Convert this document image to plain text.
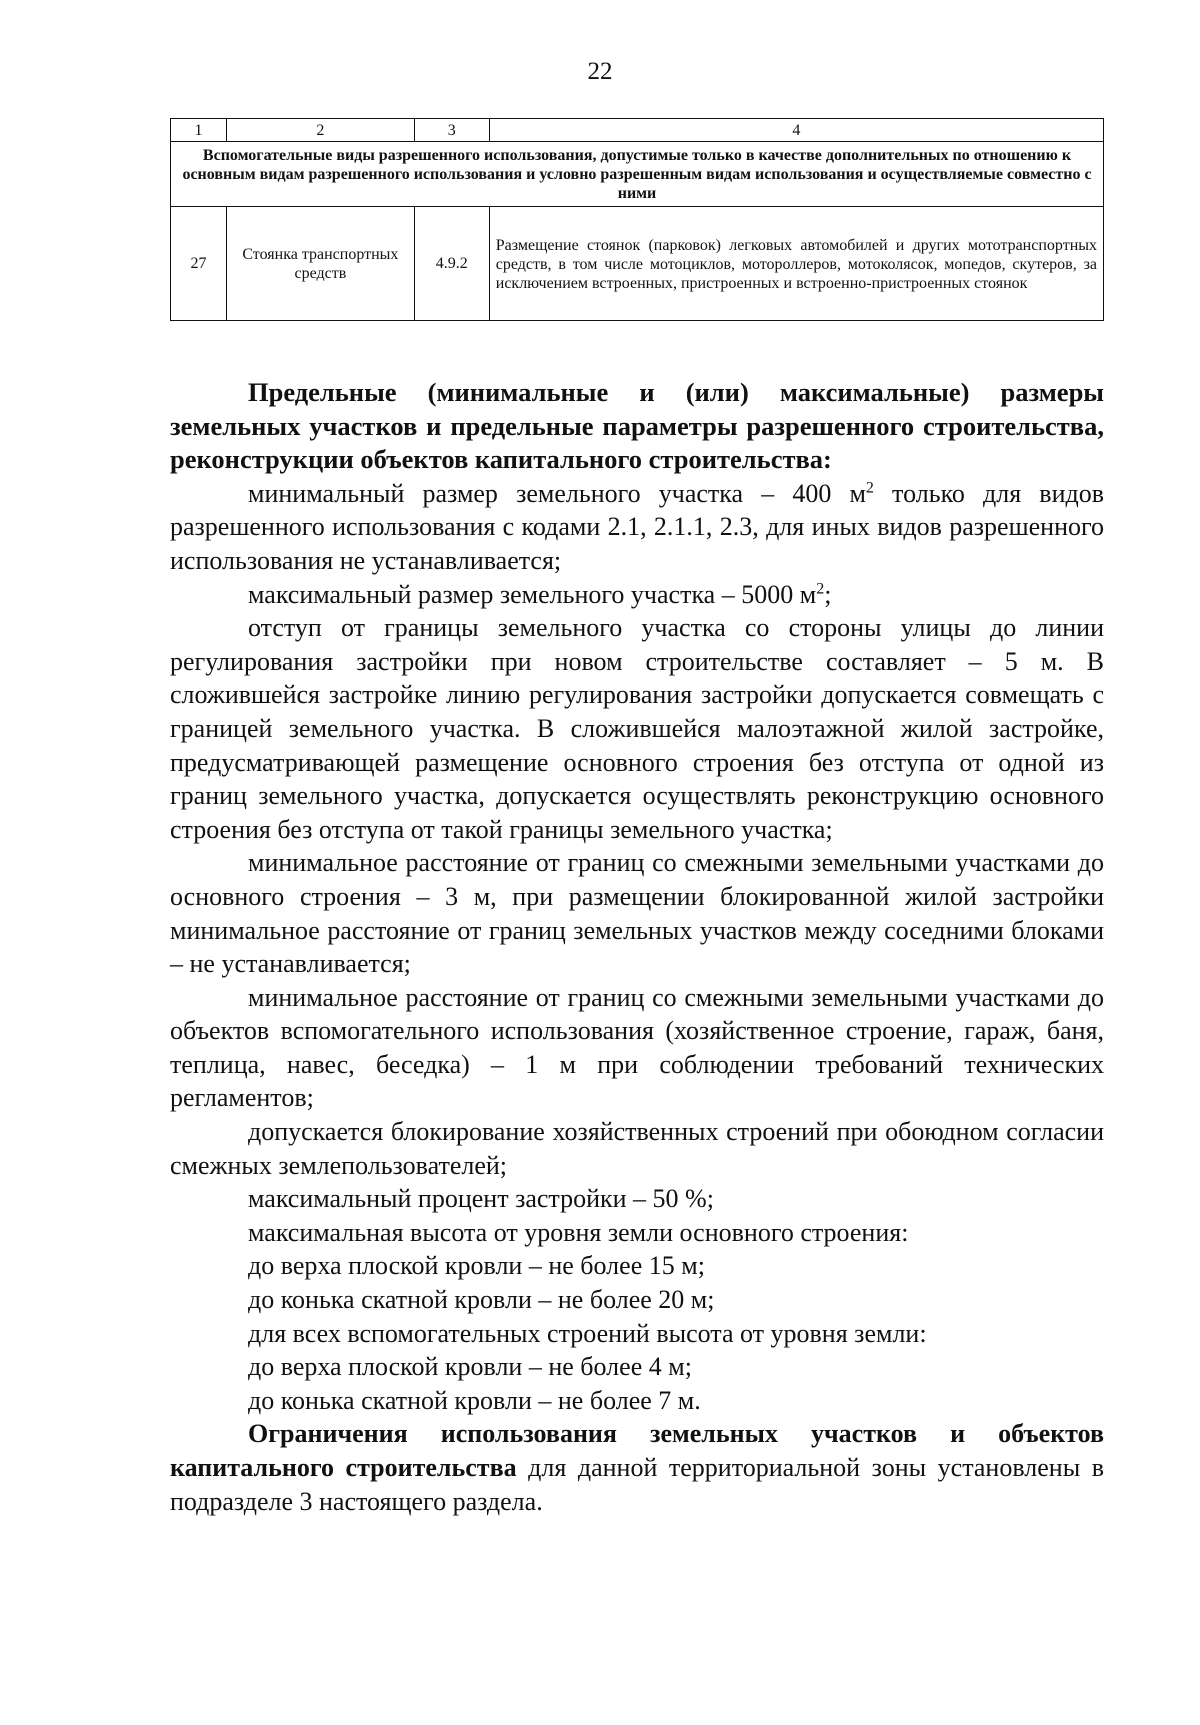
22
1	2	3	4
Вспомогательные виды разрешенного использования, допустимые только в качестве дополнительных по отношению к основным видам разрешенного использования и условно разрешенным видам использования и осуществляемые совместно с ними			
27	Стоянка транспортных средств	4.9.2	Размещение стоянок (парковок) легковых автомобилей и других мототранспортных средств, в том числе мотоциклов, мотороллеров, мотоколясок, мопедов, скутеров, за исключением встроенных, пристроенных и встроенно-пристроенных стоянок

Предельные (минимальные и (или) максимальные) размеры земельных участков и предельные параметры разрешенного строительства, реконструкции объектов капитального строительства:

минимальный размер земельного участка – 400 $м^2$ только для видов разрешенного использования с кодами 2.1, 2.1.1, 2.3, для иных видов разрешенного использования не устанавливается;

максимальный размер земельного участка – 5000 $м^2$;

отступ от границы земельного участка со стороны улицы до линии регулирования застройки при новом строительстве составляет – 5 м. В сложившейся застройке линию регулирования застройки допускается совмещать с границей земельного участка. В сложившейся малоэтажной жилой застройке, предусматривающей размещение основного строения без отступа от одной из границ земельного участка, допускается осуществлять реконструкцию основного строения без отступа от такой границы земельного участка;

минимальное расстояние от границ со смежными земельными участками до основного строения – 3 м, при размещении блокированной жилой застройки минимальное расстояние от границ земельных участков между соседними блоками – не устанавливается;

минимальное расстояние от границ со смежными земельными участками до объектов вспомогательного использования (хозяйственное строение, гараж, баня, теплица, навес, беседка) – 1 м при соблюдении требований технических регламентов;

допускается блокирование хозяйственных строений при обоюдном согласии смежных землепользователей;

максимальный процент застройки – 50 %;

максимальная высота от уровня земли основного строения:

до верха плоской кровли – не более 15 м;

до конька скатной кровли – не более 20 м;

для всех вспомогательных строений высота от уровня земли:

до верха плоской кровли – не более 4 м;

до конька скатной кровли – не более 7 м.

Ограничения использования земельных участков и объектов капитального строительства для данной территориальной зоны установлены в подразделе 3 настоящего раздела.
